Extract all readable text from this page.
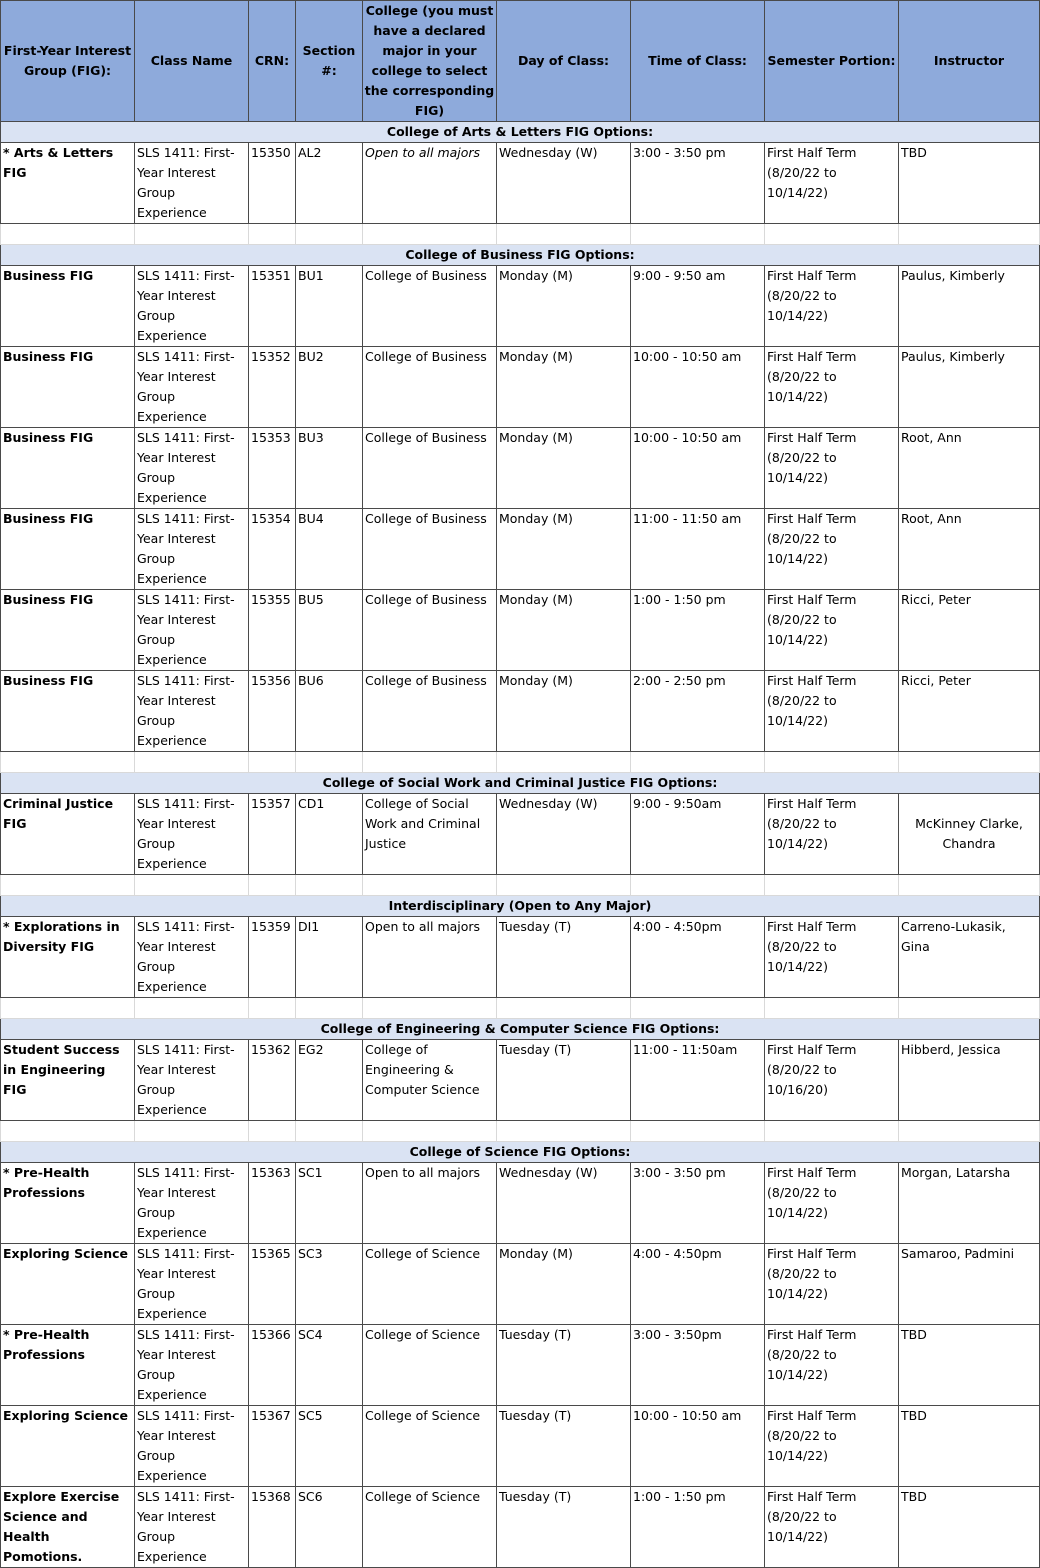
First-Year Interest Group (FIG):	Class Name	CRN:	Section #:	College (you must have a declared major in your college to select the corresponding FIG)	Day of Class:	Time of Class:	Semester Portion:	Instructor
College of Arts & Letters FIG Options:								
* Arts & Letters FIG	SLS 1411: First-Year Interest Group Experience	15350	AL2	Open to all majors	Wednesday (W)	3:00 - 3:50 pm	First Half Term (8/20/22 to 10/14/22)	TBD

College of Business FIG Options:								
Business FIG	SLS 1411: First-Year Interest Group Experience	15351	BU1	College of Business	Monday (M)	9:00 - 9:50 am	First Half Term (8/20/22 to 10/14/22)	Paulus, Kimberly
Business FIG	SLS 1411: First-Year Interest Group Experience	15352	BU2	College of Business	Monday (M)	10:00 - 10:50 am	First Half Term (8/20/22 to 10/14/22)	Paulus, Kimberly
Business FIG	SLS 1411: First-Year Interest Group Experience	15353	BU3	College of Business	Monday (M)	10:00 - 10:50 am	First Half Term (8/20/22 to 10/14/22)	Root, Ann
Business FIG	SLS 1411: First-Year Interest Group Experience	15354	BU4	College of Business	Monday (M)	11:00 - 11:50 am	First Half Term (8/20/22 to 10/14/22)	Root, Ann
Business FIG	SLS 1411: First-Year Interest Group Experience	15355	BU5	College of Business	Monday (M)	1:00 - 1:50 pm	First Half Term (8/20/22 to 10/14/22)	Ricci, Peter
Business FIG	SLS 1411: First-Year Interest Group Experience	15356	BU6	College of Business	Monday (M)	2:00 - 2:50 pm	First Half Term (8/20/22 to 10/14/22)	Ricci, Peter

College of Social Work and Criminal Justice FIG Options:								
Criminal Justice FIG	SLS 1411: First-Year Interest Group Experience	15357	CD1	College of Social Work and Criminal Justice	Wednesday (W)	9:00 - 9:50am	First Half Term (8/20/22 to 10/14/22)	McKinney Clarke, Chandra

Interdisciplinary (Open to Any Major)								
* Explorations in Diversity FIG	SLS 1411: First-Year Interest Group Experience	15359	DI1	Open to all majors	Tuesday (T)	4:00 - 4:50pm	First Half Term (8/20/22 to 10/14/22)	Carreno-Lukasik, Gina

College of Engineering & Computer Science FIG Options:								
Student Success in Engineering FIG	SLS 1411: First-Year Interest Group Experience	15362	EG2	College of Engineering & Computer Science	Tuesday (T)	11:00 - 11:50am	First Half Term (8/20/22 to 10/16/20)	Hibberd, Jessica

College of Science FIG Options:								
* Pre-Health Professions	SLS 1411: First-Year Interest Group Experience	15363	SC1	Open to all majors	Wednesday (W)	3:00 - 3:50 pm	First Half Term (8/20/22 to 10/14/22)	Morgan, Latarsha
Exploring Science	SLS 1411: First-Year Interest Group Experience	15365	SC3	College of Science	Monday (M)	4:00 - 4:50pm	First Half Term (8/20/22 to 10/14/22)	Samaroo, Padmini
* Pre-Health Professions	SLS 1411: First-Year Interest Group Experience	15366	SC4	College of Science	Tuesday (T)	3:00 - 3:50pm	First Half Term (8/20/22 to 10/14/22)	TBD
Exploring Science	SLS 1411: First-Year Interest Group Experience	15367	SC5	College of Science	Tuesday (T)	10:00 - 10:50 am	First Half Term (8/20/22 to 10/14/22)	TBD
Explore Exercise Science and Health Pomotions.	SLS 1411: First-Year Interest Group Experience	15368	SC6	College of Science	Tuesday (T)	1:00 - 1:50 pm	First Half Term (8/20/22 to 10/14/22)	TBD
